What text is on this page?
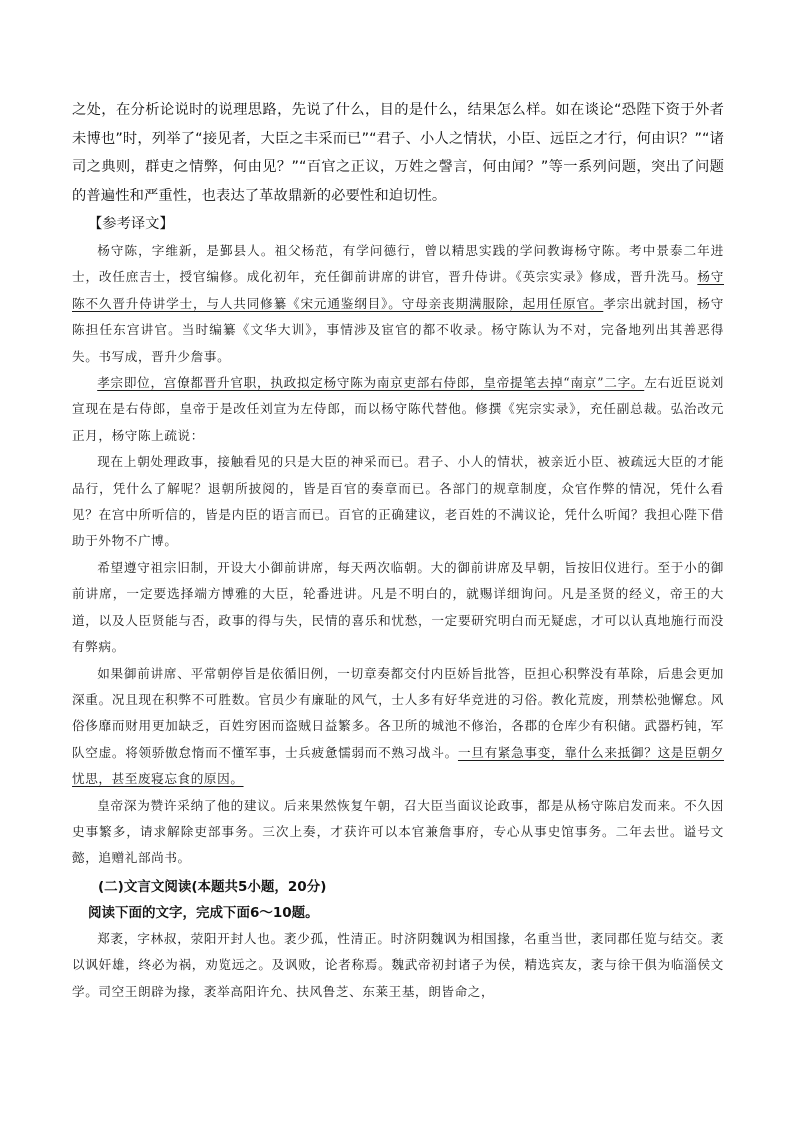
之处，在分析论说时的说理思路，先说了什么，目的是什么，结果怎么样。如在谈论“恐陛下资于外者未博也”时，列举了“接见者，大臣之丰采而已”“君子、小人之情状，小臣、远臣之才行，何由识？”“诸司之典则，群吏之情弊，何由见？”“百官之正议，万姓之謦言，何由闻？”等一系列问题，突出了问题的普遍性和严重性，也表达了革故鼎新的必要性和迫切性。

【参考译文】

杨守陈，字维新，是鄞县人。祖父杨范，有学问德行，曾以精思实践的学问教诲杨守陈。考中景泰二年进士，改任庶吉士，授官编修。成化初年，充任御前讲席的讲官，晋升侍讲。《英宗实录》修成，晋升洗马。杨守陈不久晋升侍讲学士，与人共同修纂《宋元通鉴纲目》。守母亲丧期满服除，起用任原官。孝宗出就封国，杨守陈担任东宫讲官。当时编纂《文华大训》，事情涉及宦官的都不收录。杨守陈认为不对，完备地列出其善恶得失。书写成，晋升少詹事。

孝宗即位，宫僚都晋升官职，执政拟定杨守陈为南京吏部右侍郎，皇帝提笔去掉“南京”二字。左右近臣说刘宣现在是右侍郎，皇帝于是改任刘宣为左侍郎，而以杨守陈代替他。修撰《宪宗实录》，充任副总裁。弘治改元正月，杨守陈上疏说：

现在上朝处理政事，接触看见的只是大臣的神采而已。君子、小人的情状，被亲近小臣、被疏远大臣的才能品行，凭什么了解呢？退朝所披阅的，皆是百官的奏章而已。各部门的规章制度，众官作弊的情况，凭什么看见？在宫中所听信的，皆是内臣的语言而已。百官的正确建议，老百姓的不满议论，凭什么听闻？我担心陛下借助于外物不广博。

希望遵守祖宗旧制，开设大小御前讲席，每天两次临朝。大的御前讲席及早朝，旨按旧仪进行。至于小的御前讲席，一定要选择端方博雅的大臣，轮番进讲。凡是不明白的，就赐详细询问。凡是圣贤的经义，帝王的大道，以及人臣贤能与否，政事的得与失，民情的喜乐和忧愁，一定要研究明白而无疑虑，才可以认真地施行而没有弊病。

如果御前讲席、平常朝停旨是依循旧例，一切章奏都交付内臣娇旨批答，臣担心积弊没有革除，后患会更加深重。况且现在积弊不可胜数。官员少有廉耻的风气，士人多有好华竞进的习俗。教化荒废，刑禁松弛懈怠。风俗侈靡而财用更加缺乏，百姓穷困而盗贼日益繁多。各卫所的城池不修治，各郡的仓库少有积储。武器朽钝，军队空虚。将领骄傲怠惰而不懂军事，士兵疲惫懦弱而不熟习战斗。一旦有紧急事变，靠什么来抵御？这是臣朝夕忧思，甚至废寝忘食的原因。

皇帝深为赞许采纳了他的建议。后来果然恢复午朝，召大臣当面议论政事，都是从杨守陈启发而来。不久因史事繁多，请求解除吏部事务。三次上奏，才获许可以本官兼詹事府，专心从事史馆事务。二年去世。谥号文懿，追赠礼部尚书。

(二)文言文阅读(本题共5小题，20分)
阅读下面的文字，完成下面6～10题。

郑袤，字林叔，荥阳开封人也。袤少孤，性清正。时济阴魏讽为相国掾，名重当世，袤同郡任览与结交。袤以讽奸雄，终必为祸，劝览远之。及讽败，论者称焉。魏武帝初封诸子为侯，精选宾友，袤与徐干俱为临淄侯文学。司空王朗辟为掾，袤举高阳许允、扶风鲁芝、东莱王基，朗皆命之，
